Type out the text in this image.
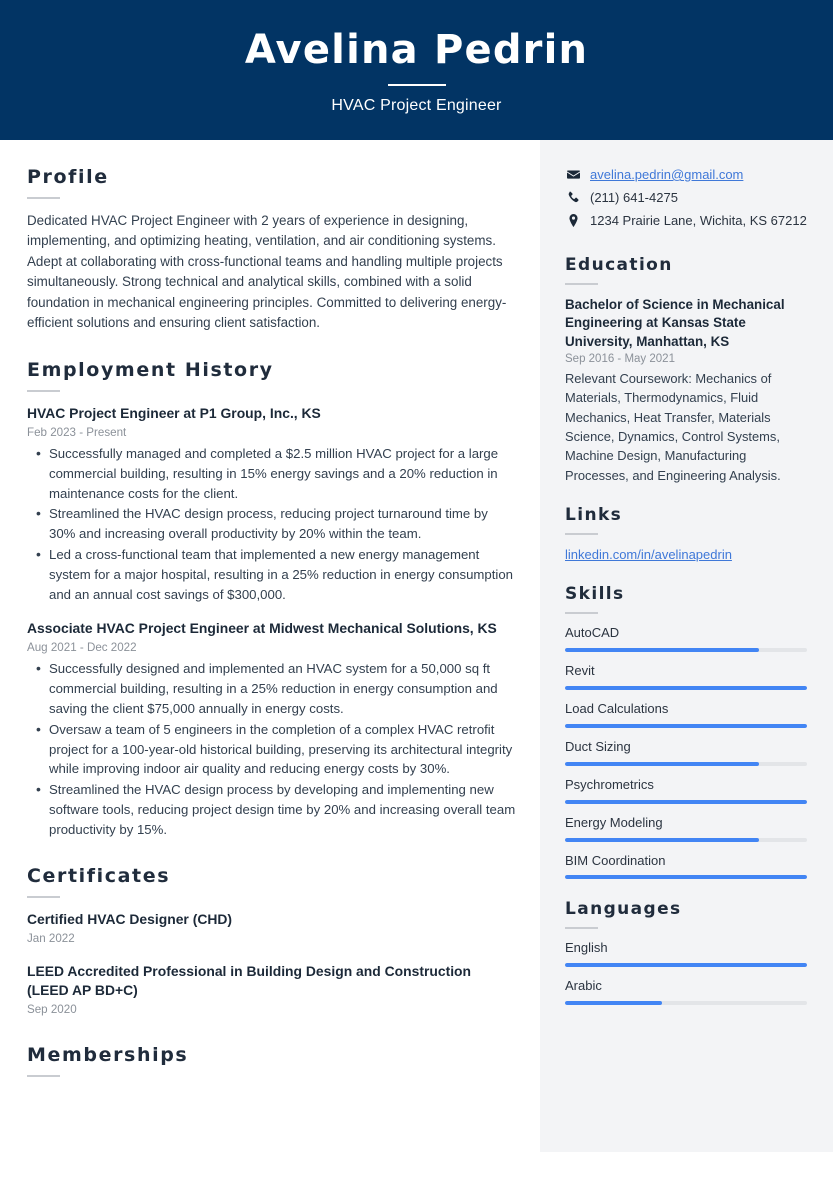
Avelina Pedrin
HVAC Project Engineer
Profile

Dedicated HVAC Project Engineer with 2 years of experience in designing, implementing, and optimizing heating, ventilation, and air conditioning systems. Adept at collaborating with cross-functional teams and handling multiple projects simultaneously. Strong technical and analytical skills, combined with a solid foundation in mechanical engineering principles. Committed to delivering energy-efficient solutions and ensuring client satisfaction.

Employment History
HVAC Project Engineer at P1 Group, Inc., KS
Feb 2023 - Present
• Successfully managed and completed a $2.5 million HVAC project for a large commercial building, resulting in 15% energy savings and a 20% reduction in maintenance costs for the client.
• Streamlined the HVAC design process, reducing project turnaround time by 30% and increasing overall productivity by 20% within the team.
• Led a cross-functional team that implemented a new energy management system for a major hospital, resulting in a 25% reduction in energy consumption and an annual cost savings of $300,000.
Associate HVAC Project Engineer at Midwest Mechanical Solutions, KS
Aug 2021 - Dec 2022
• Successfully designed and implemented an HVAC system for a 50,000 sq ft commercial building, resulting in a 25% reduction in energy consumption and saving the client $75,000 annually in energy costs.
• Oversaw a team of 5 engineers in the completion of a complex HVAC retrofit project for a 100-year-old historical building, preserving its architectural integrity while improving indoor air quality and reducing energy costs by 30%.
• Streamlined the HVAC design process by developing and implementing new software tools, reducing project design time by 20% and increasing overall team productivity by 15%.
Certificates
Certified HVAC Designer (CHD)
Jan 2022
LEED Accredited Professional in Building Design and Construction (LEED AP BD+C)
Sep 2020
Memberships
avelina.pedrin@gmail.com
(211) 641-4275
1234 Prairie Lane, Wichita, KS 67212
Education
Bachelor of Science in Mechanical Engineering at Kansas State University, Manhattan, KS
Sep 2016 - May 2021

Relevant Coursework: Mechanics of Materials, Thermodynamics, Fluid Mechanics, Heat Transfer, Materials Science, Dynamics, Control Systems, Machine Design, Manufacturing Processes, and Engineering Analysis.

Links
linkedin.com/in/avelinapedrin
Skills
AutoCAD
Revit
Load Calculations
Duct Sizing
Psychrometrics
Energy Modeling
BIM Coordination
Languages
English
Arabic
